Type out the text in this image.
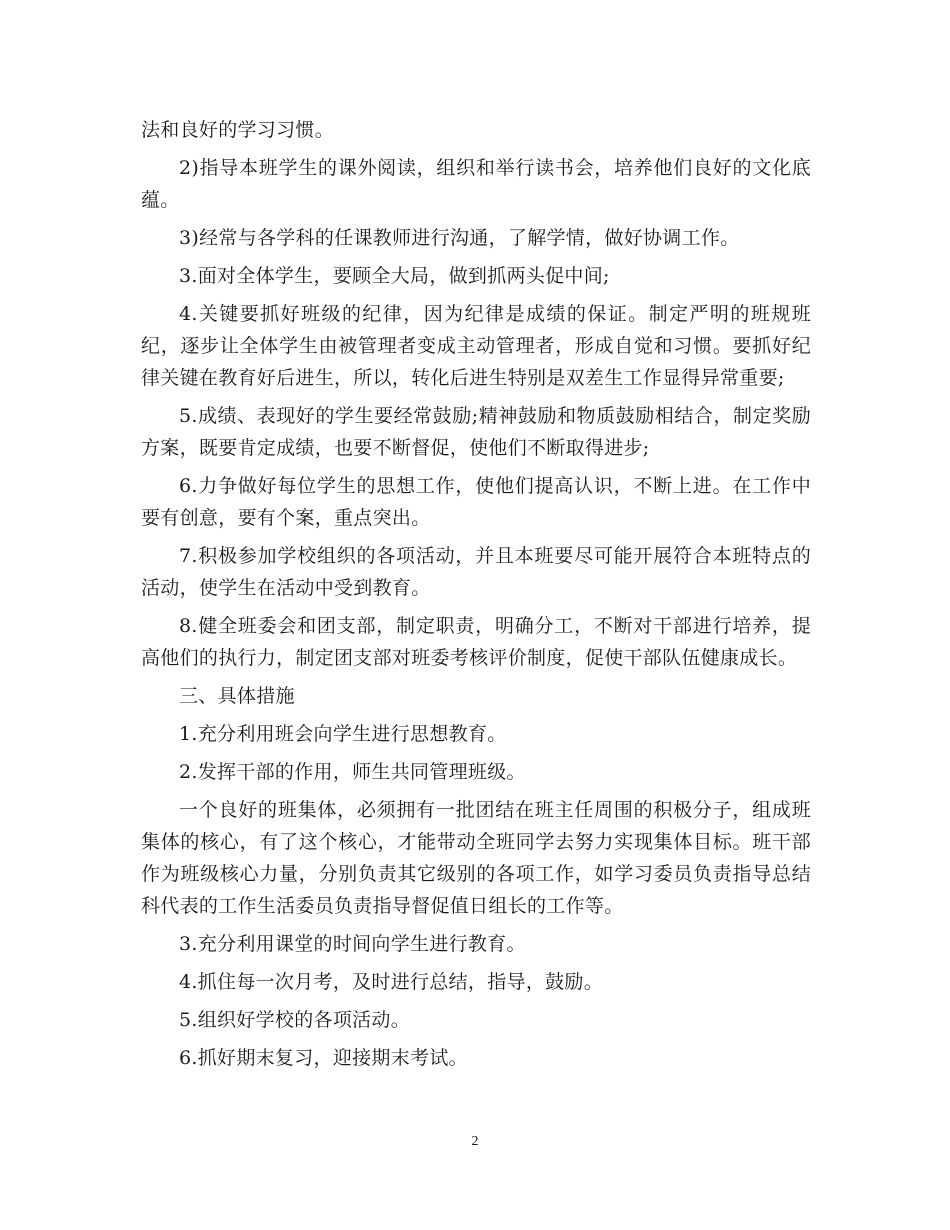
法和良好的学习习惯。

2)指导本班学生的课外阅读，组织和举行读书会，培养他们良好的文化底蕴。

3)经常与各学科的任课教师进行沟通，了解学情，做好协调工作。

3.面对全体学生，要顾全大局，做到抓两头促中间;

4.关键要抓好班级的纪律，因为纪律是成绩的保证。制定严明的班规班纪，逐步让全体学生由被管理者变成主动管理者，形成自觉和习惯。要抓好纪律关键在教育好后进生，所以，转化后进生特别是双差生工作显得异常重要;

5.成绩、表现好的学生要经常鼓励;精神鼓励和物质鼓励相结合，制定奖励方案，既要肯定成绩，也要不断督促，使他们不断取得进步;

6.力争做好每位学生的思想工作，使他们提高认识，不断上进。在工作中要有创意，要有个案，重点突出。

7.积极参加学校组织的各项活动，并且本班要尽可能开展符合本班特点的活动，使学生在活动中受到教育。

8.健全班委会和团支部，制定职责，明确分工，不断对干部进行培养，提高他们的执行力，制定团支部对班委考核评价制度，促使干部队伍健康成长。

三、具体措施

1.充分利用班会向学生进行思想教育。

2.发挥干部的作用，师生共同管理班级。

一个良好的班集体，必须拥有一批团结在班主任周围的积极分子，组成班集体的核心，有了这个核心，才能带动全班同学去努力实现集体目标。班干部作为班级核心力量，分别负责其它级别的各项工作，如学习委员负责指导总结科代表的工作生活委员负责指导督促值日组长的工作等。

3.充分利用课堂的时间向学生进行教育。

4.抓住每一次月考，及时进行总结，指导，鼓励。

5.组织好学校的各项活动。

6.抓好期末复习，迎接期末考试。

2
